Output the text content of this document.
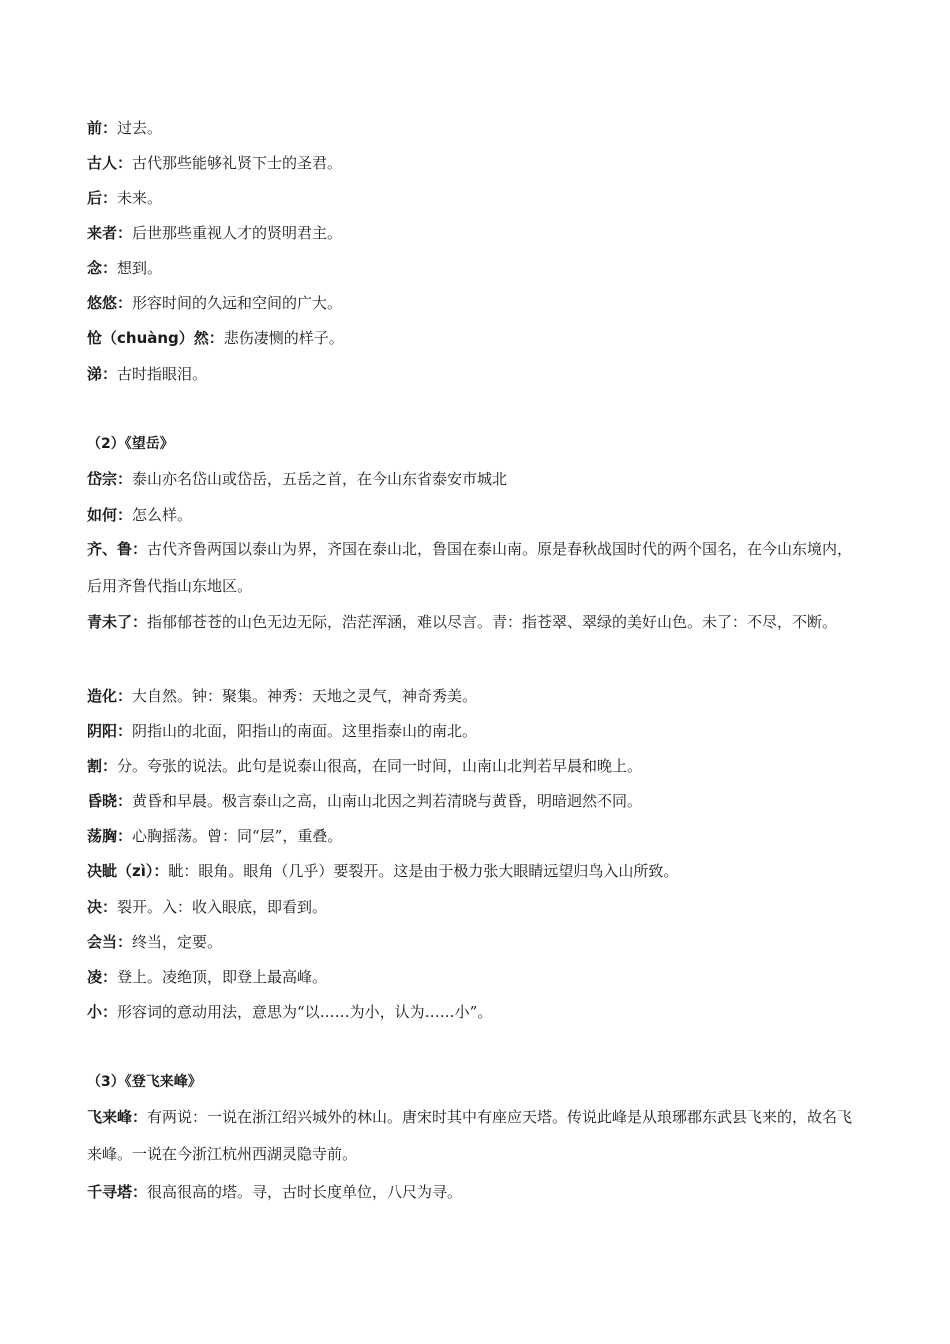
前：过去。
古人：古代那些能够礼贤下士的圣君。
后：未来。
来者：后世那些重视人才的贤明君主。
念：想到。
悠悠：形容时间的久远和空间的广大。
怆（chuàng）然：悲伤凄恻的样子。
涕：古时指眼泪。
（2）《望岳》
岱宗：泰山亦名岱山或岱岳，五岳之首，在今山东省泰安市城北
如何：怎么样。
齐、鲁：古代齐鲁两国以泰山为界，齐国在泰山北，鲁国在泰山南。原是春秋战国时代的两个国名，在今山东境内，后用齐鲁代指山东地区。
青未了：指郁郁苍苍的山色无边无际，浩茫浑涵，难以尽言。青：指苍翠、翠绿的美好山色。未了：不尽，不断。
造化：大自然。钟：聚集。神秀：天地之灵气，神奇秀美。
阴阳：阴指山的北面，阳指山的南面。这里指泰山的南北。
割：分。夸张的说法。此句是说泰山很高，在同一时间，山南山北判若早晨和晚上。
昏晓：黄昏和早晨。极言泰山之高，山南山北因之判若清晓与黄昏，明暗迥然不同。
荡胸：心胸摇荡。曾：同“层”，重叠。
决眦（zì）：眦：眼角。眼角（几乎）要裂开。这是由于极力张大眼睛远望归鸟入山所致。
决：裂开。入：收入眼底，即看到。
会当：终当，定要。
凌：登上。凌绝顶，即登上最高峰。
小：形容词的意动用法，意思为“以……为小，认为……小”。
（3）《登飞来峰》
飞来峰：有两说：一说在浙江绍兴城外的林山。唐宋时其中有座应天塔。传说此峰是从琅琊郡东武县飞来的，故名飞来峰。一说在今浙江杭州西湖灵隐寺前。
千寻塔：很高很高的塔。寻，古时长度单位，八尺为寻。
